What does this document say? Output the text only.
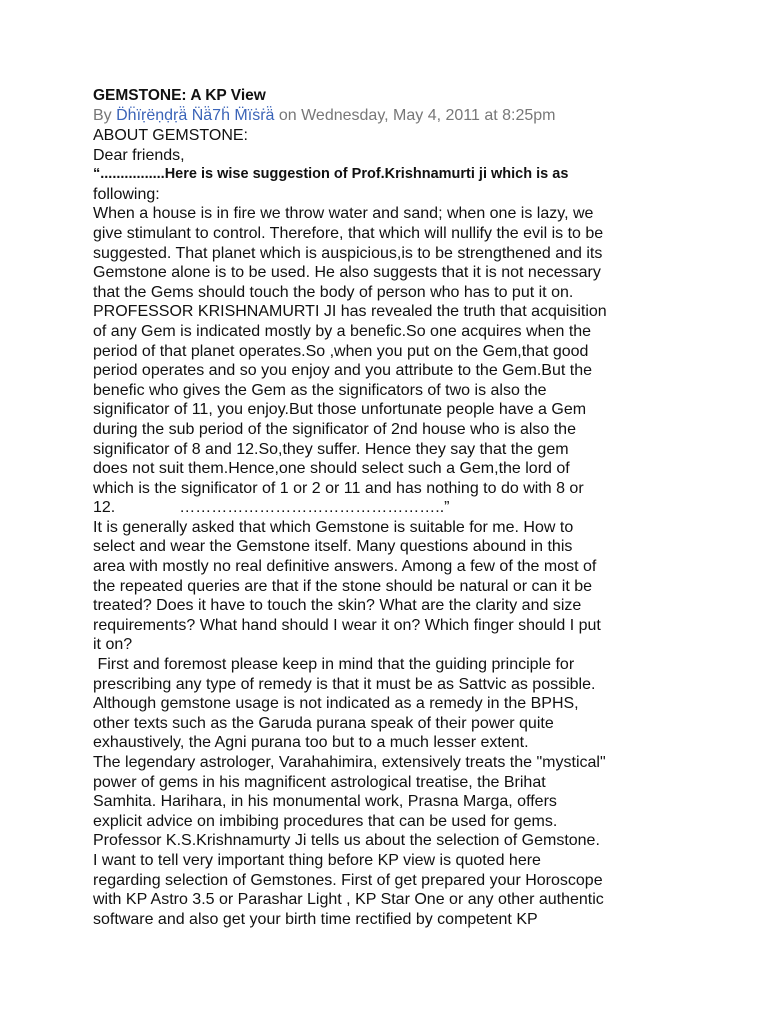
GEMSTONE: A KP View
By D̈ḧïṛëṇḍṛä̈ N̈ä̈7ḧ M̈ïṡṙä̈ on Wednesday, May 4, 2011 at 8:25pm
ABOUT GEMSTONE:
Dear friends,
“................Here is wise suggestion of Prof.Krishnamurti ji which is as
following:
When a house is in fire we throw water and sand; when one is lazy, we
give stimulant to control. Therefore, that which will nullify the evil is to be
suggested. That planet which is auspicious,is to be strengthened and its
Gemstone alone is to be used. He also suggests that it is not necessary
that the Gems should touch the body of person who has to put it on.
PROFESSOR KRISHNAMURTI JI has revealed the truth that acquisition
of any Gem is indicated mostly by a benefic.So one acquires when the
period of that planet operates.So ,when you put on the Gem,that good
period operates and so you enjoy and you attribute to the Gem.But the
benefic who gives the Gem as the significators of two is also the
significator of 11, you enjoy.But those unfortunate people have a Gem
during the sub period of the significator of 2nd house who is also the
significator of 8 and 12.So,they suffer. Hence they say that the gem
does not suit them.Hence,one should select such a Gem,the lord of
which is the significator of 1 or 2 or 11 and has nothing to do with 8 or
12.	…………………………………………..”
It is generally asked that which Gemstone is suitable for me. How to
select and wear the Gemstone itself. Many questions abound in this
area with mostly no real definitive answers. Among a few of the most of
the repeated queries are that if the stone should be natural or can it be
treated? Does it have to touch the skin? What are the clarity and size
requirements? What hand should I wear it on? Which finger should I put
it on?
First and foremost please keep in mind that the guiding principle for
prescribing any type of remedy is that it must be as Sattvic as possible.
Although gemstone usage is not indicated as a remedy in the BPHS,
other texts such as the Garuda purana speak of their power quite
exhaustively, the Agni purana too but to a much lesser extent.
The legendary astrologer, Varahahimira, extensively treats the "mystical"
power of gems in his magnificent astrological treatise, the Brihat
Samhita. Harihara, in his monumental work, Prasna Marga, offers
explicit advice on imbibing procedures that can be used for gems.
Professor K.S.Krishnamurty Ji tells us about the selection of Gemstone.
I want to tell very important thing before KP view is quoted here
regarding selection of Gemstones. First of get prepared your Horoscope
with KP Astro 3.5 or Parashar Light , KP Star One or any other authentic
software and also get your birth time rectified by competent KP
